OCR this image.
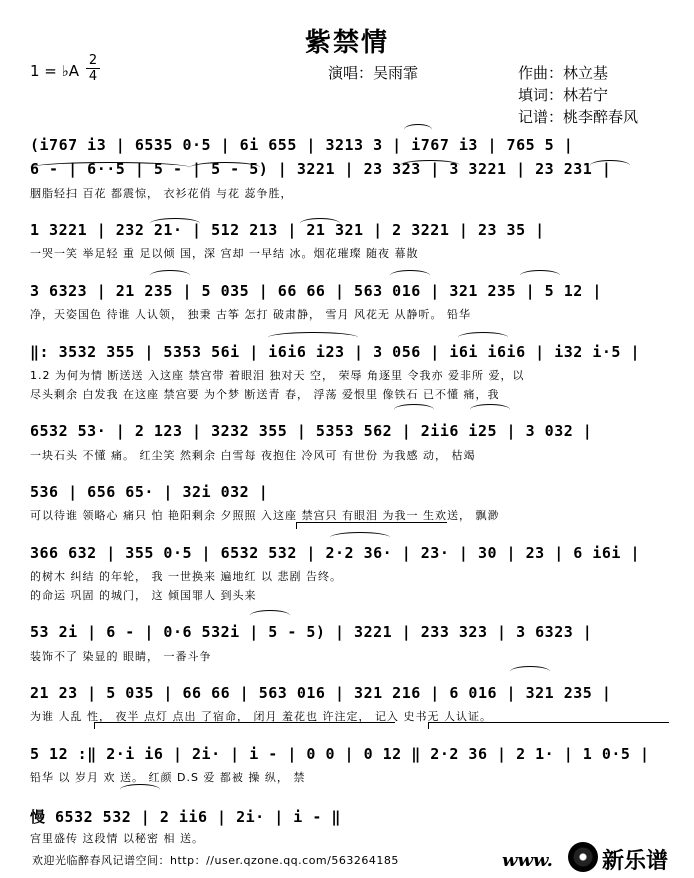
紫禁情
1 = ♭A
2
4	演唱：吴雨霏	作曲：林立基
填词：林若宁
记谱：桃李醉春风
(i767 i3 | 6535 0·5 | 6i 655 | 3213 3 | i767 i3 | 765 5 |
6 - | 6··5 | 5 - | 5 - 5) | 3221 | 23 323 | 3 3221 | 23 231 |
胭脂轻扫 百花 都震惊， 衣衫花俏 与花 蕊争胜，
1 3221 | 232 21· | 512 213 | 21 321 | 2 3221 | 23 35 |
一哭一笑 举足轻 重 足以倾 国，深 宫却 一早结 冰。烟花璀璨 随夜 幕散
3 6323 | 21 235 | 5 035 | 66 66 | 563 016 | 321 235 | 5 12 |
净，天姿国色 待谁 人认领， 独秉 古筝 怎打 破肃静， 雪月 风花无 从静听。 铅华
‖: 3532 355 | 5353 56i | i6i6 i23 | 3 056 | i6i i6i6 | i32 i·5 |
1.2 为何为情 断送送 入这座 禁宫带 着眼泪 独对天 空， 荣辱 角逐里 令我亦 爱非所 爱，以
尽头剩余 白发我 在这座 禁宫要 为个梦 断送青 春， 浮荡 爱恨里 像铁石 已不懂 痛，我
6532 53· | 2 123 | 3232 355 | 5353 562 | 2ii6 i25 | 3 032 |
一块石头 不懂 痛。 红尘笑 然剩余 白雪每 夜抱住 冷风可 有世份 为我感 动， 枯竭
536 | 656 65· | 32i 032 |
可以待谁 领略心 痛只 怕 艳阳剩余 夕照照 入这座 禁宫只 有眼泪 为我一 生欢送， 飘渺
366 632 | 355 0·5 | 6532 532 | 2·2 36· | 23· | 30 | 23 | 6 i6i |
的树木 纠结 的年轮， 我 一世换来 遍地红 以 悲剧 告终。
的命运 巩固 的城门， 这 倾国罪人 到头来
53 2i | 6 - | 0·6 532i | 5 - 5) | 3221 | 233 323 | 3 6323 |
装饰不了 染显的 眼睛， 一番斗争
21 23 | 5 035 | 66 66 | 563 016 | 321 216 | 6 016 | 321 235 |
为谁 人乱 性， 夜半 点灯 点出 了宿命， 闭月 羞花也 许注定， 记入 史书无 人认证。
5 12 :‖ 2·i i6 | 2i· | i - | 0 0 | 0 12 ‖ 2·2 36 | 2 1· | 1 0·5 |
铅华 以 岁月 欢 送。 红颜 D.S 爱 都被 操 纵， 禁
慢 6532 532 | 2 ii6 | 2i· | i - ‖
宫里盛传 这段情 以秘密 相 送。
欢迎光临醉春风记谱空间：http：//user.qzone.qq.com/563264185	www. 新乐谱
